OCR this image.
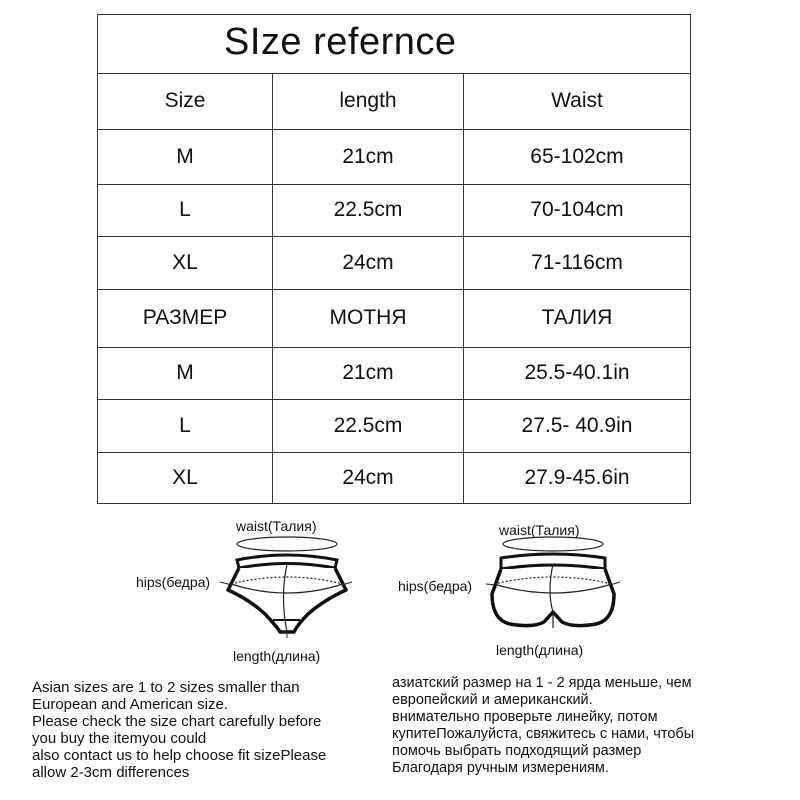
SIze refernce
Size	length	Waist
M	21cm	65-102cm
L	22.5cm	70-104cm
XL	24cm	71-116cm
РАЗМЕР	МОТНЯ	ТАЛИЯ
M	21cm	25.5-40.1in
L	22.5cm	27.5- 40.9in
XL	24cm	27.9-45.6in
waist(Талия)
hips(бедра)
length(длина)
waist(Талия)
hips(бедра)
length(длина)
Asian sizes are 1 to 2 sizes smaller than
European and American size.
Please check the size chart carefully before
you buy the itemyou could
also contact us to help choose fit sizePlease
allow 2-3cm differences
азиатский размер на 1 - 2 ярда меньше, чем
европейский и американский.
внимательно проверьте линейку, потом
купитеПожалуйста, свяжитесь с нами, чтобы
помочь выбрать подходящий размер
Благодаря ручным измерениям.
